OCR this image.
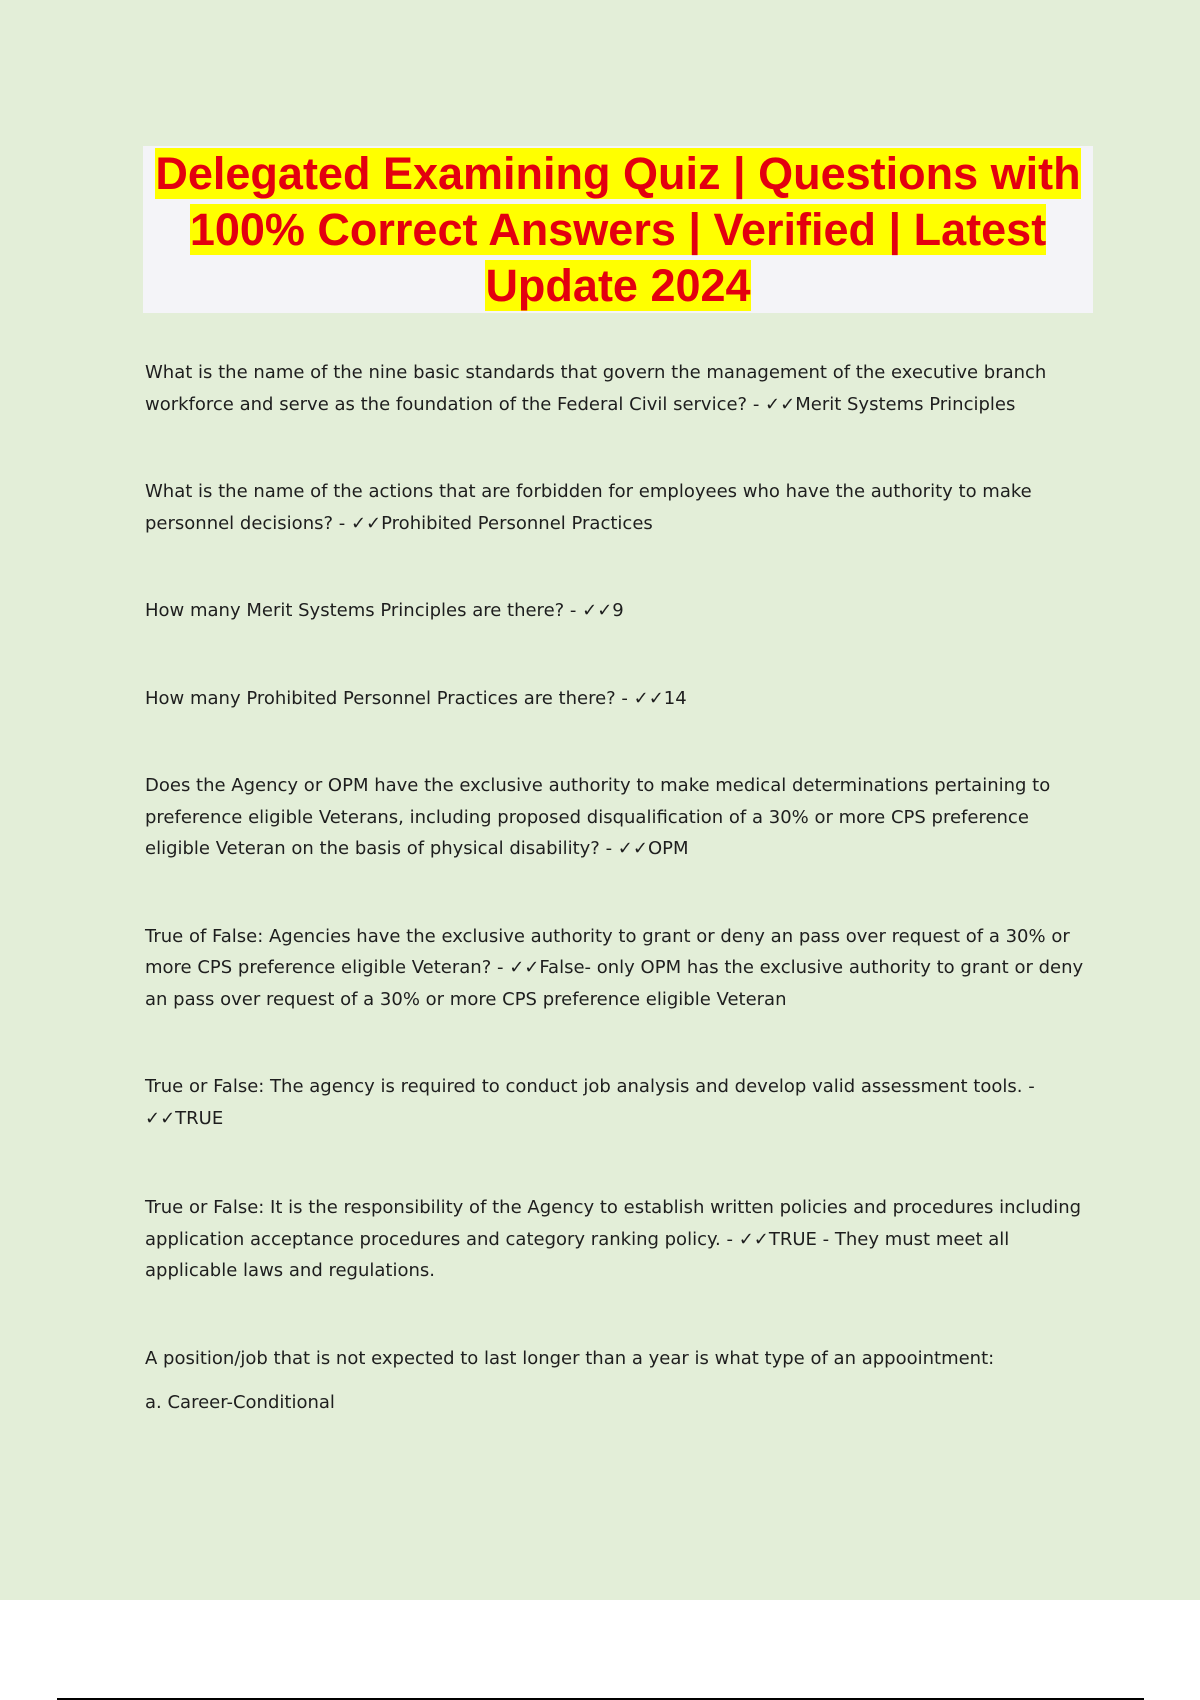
Delegated Examining Quiz | Questions with 100% Correct Answers | Verified | Latest Update 2024

What is the name of the nine basic standards that govern the management of the executive branch workforce and serve as the foundation of the Federal Civil service? - ✓✓Merit Systems Principles

What is the name of the actions that are forbidden for employees who have the authority to make personnel decisions? - ✓✓Prohibited Personnel Practices

How many Merit Systems Principles are there? - ✓✓9

How many Prohibited Personnel Practices are there? - ✓✓14

Does the Agency or OPM have the exclusive authority to make medical determinations pertaining to preference eligible Veterans, including proposed disqualification of a 30% or more CPS preference eligible Veteran on the basis of physical disability? - ✓✓OPM

True of False: Agencies have the exclusive authority to grant or deny an pass over request of a 30% or more CPS preference eligible Veteran? - ✓✓False- only OPM has the exclusive authority to grant or deny an pass over request of a 30% or more CPS preference eligible Veteran

True or False: The agency is required to conduct job analysis and develop valid assessment tools. - ✓✓TRUE

True or False: It is the responsibility of the Agency to establish written policies and procedures including application acceptance procedures and category ranking policy. - ✓✓TRUE - They must meet all applicable laws and regulations.

A position/job that is not expected to last longer than a year is what type of an appoointment:

a. Career-Conditional
